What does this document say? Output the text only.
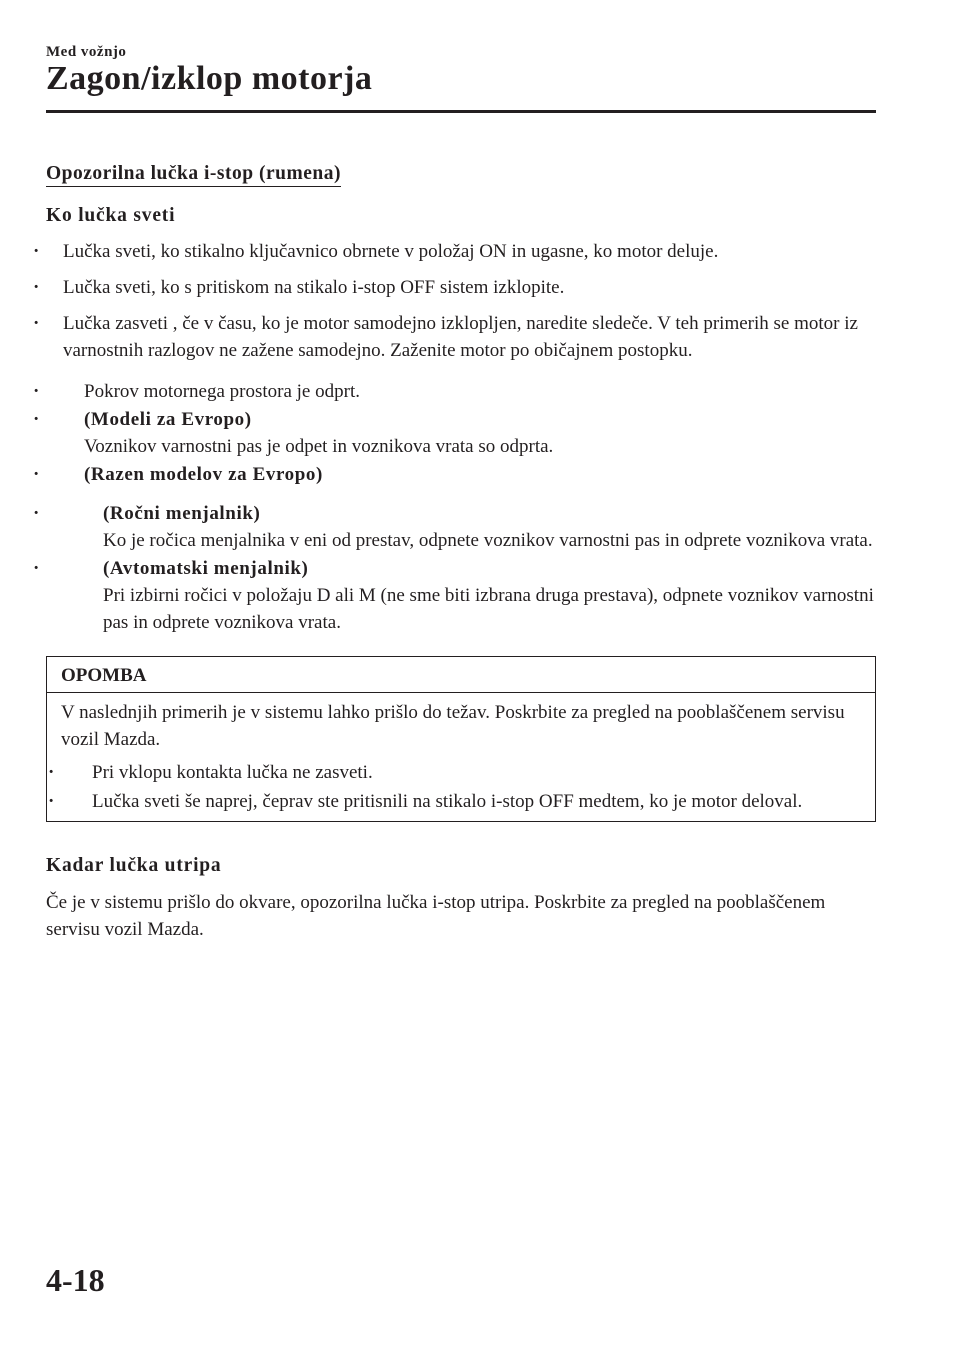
Med vožnjo
Zagon/izklop motorja
Opozorilna lučka i-stop (rumena)
Ko lučka sveti
· Lučka sveti, ko stikalno ključavnico obrnete v položaj ON in ugasne, ko motor deluje.
· Lučka sveti, ko s pritiskom na stikalo i-stop OFF sistem izklopite.
· Lučka zasveti , če v času, ko je motor samodejno izklopljen, naredite sledeče. V teh primerih se motor iz varnostnih razlogov ne zažene samodejno. Zaženite motor po običajnem postopku.
· Pokrov motornega prostora je odprt.
· (Modeli za Evropo)
Voznikov varnostni pas je odpet in voznikova vrata so odprta.
· (Razen modelov za Evropo)
· (Ročni menjalnik)
Ko je ročica menjalnika v eni od prestav, odpnete voznikov varnostni pas in odprete voznikova vrata.
· (Avtomatski menjalnik)
Pri izbirni ročici v položaju D ali M (ne sme biti izbrana druga prestava), odpnete voznikov varnostni pas in odprete voznikova vrata.
OPOMBA
V naslednjih primerih je v sistemu lahko prišlo do težav. Poskrbite za pregled na pooblaščenem servisu vozil Mazda.
· Pri vklopu kontakta lučka ne zasveti.
· Lučka sveti še naprej, čeprav ste pritisnili na stikalo i-stop OFF medtem, ko je motor deloval.
Kadar lučka utripa
Če je v sistemu prišlo do okvare, opozorilna lučka i-stop utripa. Poskrbite za pregled na pooblaščenem servisu vozil Mazda.
4-18
